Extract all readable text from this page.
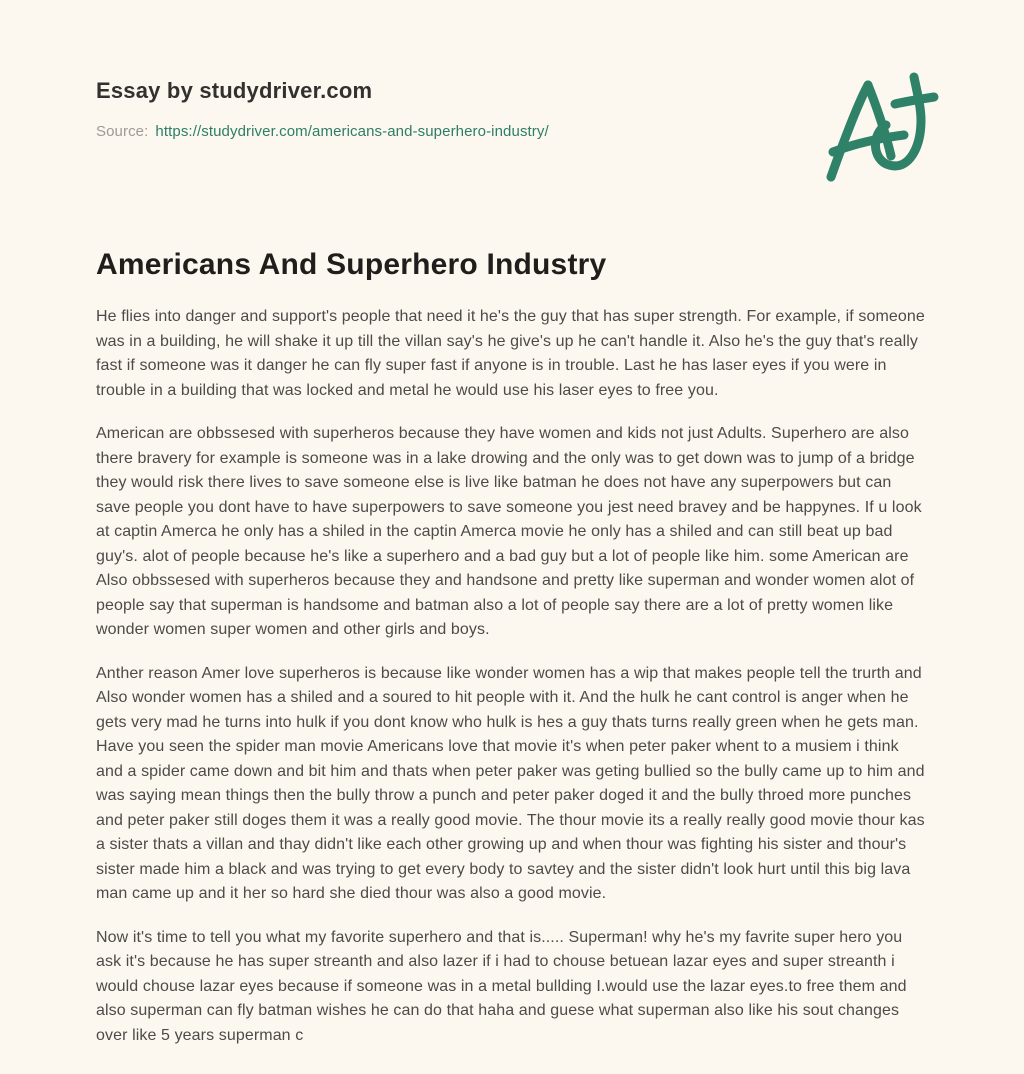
Essay by studydriver.com

Source: https://studydriver.com/americans-and-superhero-industry/

Americans And Superhero Industry

He flies into danger and support's people that need it he's the guy that has super strength. For example, if someone was in a building, he will shake it up till the villan say's he give's up he can't handle it. Also he's the guy that's really fast if someone was it danger he can fly super fast if anyone is in trouble. Last he has laser eyes if you were in trouble in a building that was locked and metal he would use his laser eyes to free you.

American are obbssesed with superheros because they have women and kids not just Adults. Superhero are also there bravery for example is someone was in a lake drowing and the only was to get down was to jump of a bridge they would risk there lives to save someone else is live like batman he does not have any superpowers but can save people you dont have to have superpowers to save someone you jest need bravey and be happynes. If u look at captin Amerca he only has a shiled in the captin Amerca movie he only has a shiled and can still beat up bad guy's. alot of people because he's like a superhero and a bad guy but a lot of people like him. some American are Also obbssesed with superheros because they and handsone and pretty like superman and wonder women alot of people say that superman is handsome and batman also a lot of people say there are a lot of pretty women like wonder women super women and other girls and boys.

Anther reason Amer love superheros is because like wonder women has a wip that makes people tell the trurth and Also wonder women has a shiled and a soured to hit people with it. And the hulk he cant control is anger when he gets very mad he turns into hulk if you dont know who hulk is hes a guy thats turns really green when he gets man. Have you seen the spider man movie Americans love that movie it's when peter paker whent to a musiem i think and a spider came down and bit him and thats when peter paker was geting bullied so the bully came up to him and was saying mean things then the bully throw a punch and peter paker doged it and the bully throed more punches and peter paker still doges them it was a really good movie. The thour movie its a really really good movie thour kas a sister thats a villan and thay didn't like each other growing up and when thour was fighting his sister and thour's sister made him a black and was trying to get every body to savtey and the sister didn't look hurt until this big lava man came up and it her so hard she died thour was also a good movie.

Now it's time to tell you what my favorite superhero and that is..... Superman! why he's my favrite super hero you ask it's because he has super streanth and also lazer if i had to chouse betuean lazar eyes and super streanth i would chouse lazar eyes because if someone was in a metal bullding I.would use the lazar eyes.to free them and also superman can fly batman wishes he can do that haha and guese what superman also like his sout changes over like 5 years superman c
